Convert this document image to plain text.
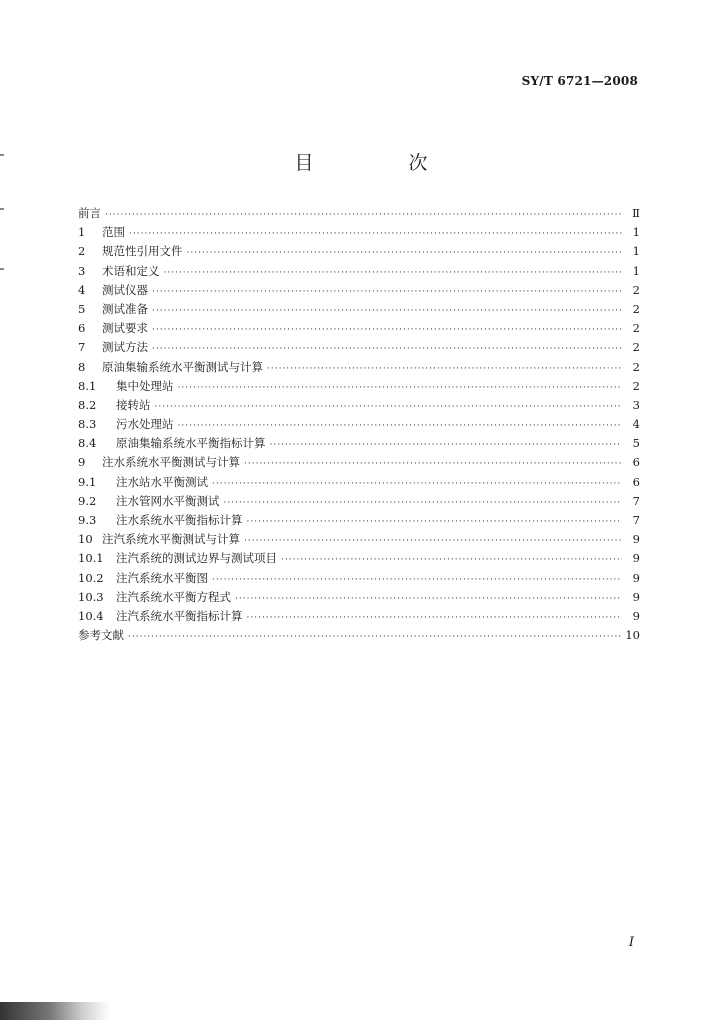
SY/T 6721—2008
目　次
前言 ·····	Ⅱ
1	范围 ·····	1
2	规范性引用文件 ·····	1
3	术语和定义 ·····	1
4	测试仪器 ·····	2
5	测试准备 ·····	2
6	测试要求 ·····	2
7	测试方法 ·····	2
8	原油集输系统水平衡测试与计算 ·····	2
8.1	集中处理站 ·····	2
8.2	接转站 ·····	3
8.3	污水处理站 ·····	4
8.4	原油集输系统水平衡指标计算 ·····	5
9	注水系统水平衡测试与计算 ·····	6
9.1	注水站水平衡测试 ·····	6
9.2	注水管网水平衡测试 ·····	7
9.3	注水系统水平衡指标计算 ·····	7
10 注汽系统水平衡测试与计算 ·····	9
10.1	注汽系统的测试边界与测试项目 ·····	9
10.2	注汽系统水平衡图 ·····	9
10.3	注汽系统水平衡方程式 ·····	9
10.4	注汽系统水平衡指标计算 ·····	9
参考文献 ·····	10
I
